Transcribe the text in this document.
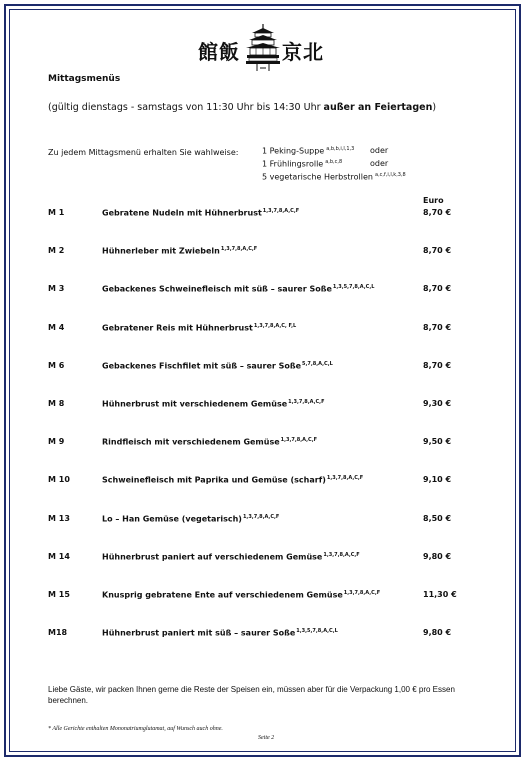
館飯 京北
Mittagsmenüs
(gültig dienstags - samstags von 11:30 Uhr bis 14:30 Uhr außer an Feiertagen)
Zu jedem Mittagsmenü erhalten Sie wahlweise:	1 Peking-Suppe $^{a,b,b,i,l,1,3}$ oder
1 Frühlingsrolle $^{a,b,c,8}$	oder
5 vegetarische Herbstrollen $^{a,c,f,i,l,k,3,8}$
Euro
M 1	Gebratene Nudeln mit Hühnerbrust$^{1,3,7,8,A,C,F}$	8,70 €
M 2	Hühnerleber mit Zwiebeln$^{1,3,7,8,A,C,F}$	8,70 €
M 3	Gebackenes Schweinefleisch mit süß – saurer Soße$^{1,3,5,7,8,A,C,L}$	8,70 €
M 4	Gebratener Reis mit Hühnerbrust$^{1,3,7,8,A,C, F,L}$	8,70 €
M 6	Gebackenes Fischfilet mit süß – saurer Soße$^{5,7,8,A,C,L}$	8,70 €
M 8	Hühnerbrust mit verschiedenem Gemüse$^{1,3,7,8,A,C,F}$	9,30 €
M 9	Rindfleisch mit verschiedenem Gemüse$^{1,3,7,8,A,C,F}$	9,50 €
M 10	Schweinefleisch mit Paprika und Gemüse (scharf)$^{1,3,7,8,A,C,F}$	9,10 €
M 13	Lo – Han Gemüse (vegetarisch)$^{1,3,7,8,A,C,F}$	8,50 €
M 14	Hühnerbrust paniert auf verschiedenem Gemüse$^{1,3,7,8,A,C,F}$	9,80 €
M 15	Knusprig gebratene Ente auf verschiedenem Gemüse$^{1,3,7,8,A,C,F}$	11,30 €
M18	Hühnerbrust paniert mit süß – saurer Soße$^{1,3,5,7,8,A,C,L}$	9,80 €
Liebe Gäste, wir packen Ihnen gerne die Reste der Speisen ein, müssen aber für die Verpackung 1,00 € pro Essen berechnen.
* Alle Gerichte enthalten Mononatriumglutamat, auf Wunsch auch ohne.
Seite 2
